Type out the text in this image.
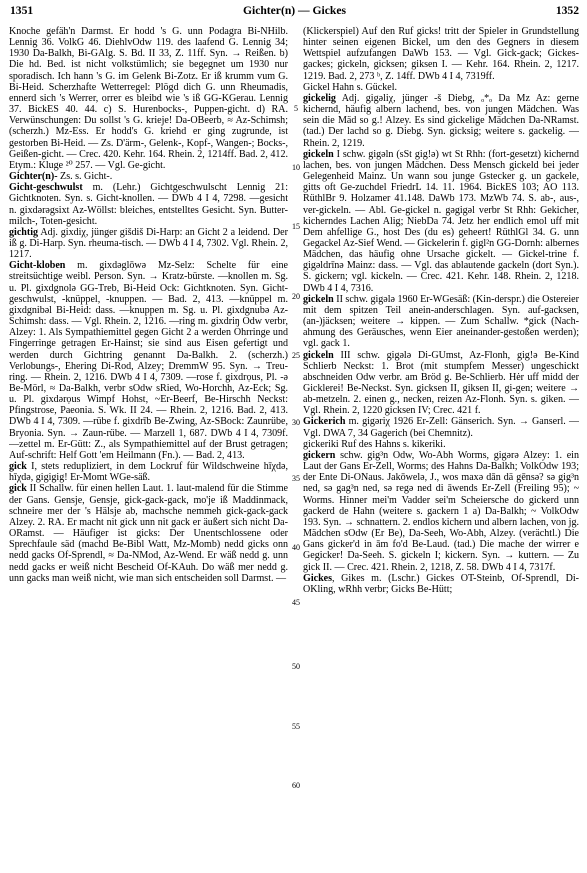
1351	Gichter(n) — Gickes	1352

Knoche gefäh'n Darmst. Er hodd 's G. unn Podagra Bi-NHilb. Lennig 36. VolkG 46. DiehlvOdw 119. des laafend G. Lennig 34; 1930 Da-Balkh, Bi-GAlg. S. Bd. II 33, Z. 11ff. Syn. → Reißen. b) Die hd. Bed. ist nicht volkstümlich; sie begegnet um 1930 nur sporadisch. Ich hann 's G. im Gelenk Bi-Zotz. Er iß krumm vum G. Bi-Heid. Scherzhafte Wetterregel: Plögd dich G. unn Rheumadis, ennerd sich 's Werrer, orrer es bleibd wie 's iß GG-KGerau. Lennig 37. BickES 40. 44. c) S. Hurenbocks-, Puppen-gicht. d) RA. Verwünschungen: Du sollst 's G. krieje! Da-OBeerb, ≈ Az-Schimsh; (scherzh.) Mz-Ess. Er hodd's G. kriehd er ging zugrunde, ist gestorben Bi-Heid. — Zs. D'ärm-, Gelenk-, Kopf-, Wangen-; Bocks-, Geißen-gicht. — Crec. 420. Kehr. 164. Rhein. 2, 1214ff. Bad. 2, 412. Etym.: Kluge ²⁰ 257. — Vgl. Ge-gicht.

Gichter(n)- Zs. s. Gicht-.

Giсht-geschwulst m. (Lehr.) Gichtgeschwulscht Lennig 21: Gichtknoten. Syn. s. Gicht-knollen. — DWb 4 I 4, 7298. —gesicht n. gixdərəgsixt Az-Wöllst: bleiches, entstelltes Gesicht. Syn. Butter-milch-, Toten-gesicht.

gichtig Adj. gixdiχ, jünger gišdiš Di-Harp: an Gicht 2 a leidend. Der iß g. Di-Harp. Syn. rheuma-tisch. — DWb 4 I 4, 7302. Vgl. Rhein. 2, 1217.

Gicht-kloben m. gixdəglōwə Mz-Selz: Schelte für eine streitsüchtige weibl. Person. Syn. → Kratz-bürste. —knollen m. Sg. u. Pl. gixdgnolə GG-Treb, Bi-Heid Ock: Gichtknoten. Syn. Gicht-geschwulst, -knüppel, -knuppen. — Bad. 2, 413. —knüppel m. gixdgnibəl Bi-Heid: dass. —knuppen m. Sg. u. Pl. gixdgnubə Az-Schimsh: dass. — Vgl. Rhein. 2, 1216. —ring m. gixdriŋ Odw verbr, Alzey: 1. Als Sympathiemittel gegen Gicht 2 a werden Ohrringe und Fingerringe getragen Er-Hainst; sie sind aus Eisen gefertigt und werden durch Gichtring genannt Da-Balkh. 2. (scherzh.) Verlobungs-, Ehering Di-Rod, Alzey; DremmW 95. Syn. → Treu-ring. — Rhein. 2, 1216. DWb 4 I 4, 7309. —rose f. gixdrọus, Pl. -ə Be-Mörl, ≈ Da-Balkh, verbr sOdw sRied, Wo-Horchh, Az-Eck; Sg. u. Pl. gixdərọus Wimpf Hohst, ~Er-Beerf, Be-Hirschh Neckst: Pfingstrose, Paeonia. S. Wk. II 24. — Rhein. 2, 1216. Bad. 2, 413. DWb 4 I 4, 7309. —rübe f. gixdrīb Be-Zwing, Az-SBock: Zaunrübe, Bryonia. Syn. → Zaun-rübe. — Marzell 1, 687. DWb 4 I 4, 7309f. —zettel m. Er-Gütt: Z., als Sympathiemittel auf der Brust getragen; Auf-schrift: Helf Gott 'em Heilmann (Fn.). — Bad. 2, 413.

gick I, stets redupliziert, in dem Lockruf für Wildschweine hīχdə, hīχdə, gigigig! Er-Momt WGe-säß.

gick II Schallw. für einen hellen Laut. 1. laut-malend für die Stimme der Gans. Gensje, Gensje, gick-gack-gack, mo'je iß Maddinmack, schneire mer der 's Hälsje ab, machsche nemmeh gick-gack-gack Alzey. 2. RA. Er macht nit gick unn nit gack er äußert sich nicht Da-ORamst. — Häufiger ist gicks: Der Unentschlossene oder Sprechfaule säd (machd Be-Bibl Watt, Mz-Momb) nedd gicks onn nedd gacks Of-Sprendl, ≈ Da-NMod, Az-Wend. Er wäß nedd g. unn nedd gacks er weiß nicht Bescheid Of-KAuh. Do wäß mer nedd g. unn gacks man weiß nicht, wie man sich entscheiden soll Darmst. —

5
10
15
20
25
30
35
40
45
50
55
60

(Klickerspiel) Auf den Ruf gicks! tritt der Spieler in Grundstellung hinter seinen eigenen Bickel, um den des Gegners in diesem Wettspiel aufzufangen DaWb 153. — Vgl. Gick-gack; Gickes-gackes; gickeln, gicksen; giksen I. — Kehr. 164. Rhein. 2, 1217. 1219. Bad. 2, 273 ᵇ, Z. 14ff. DWb 4 I 4, 7319ff.

Gickel Hahn s. Gückel.

gickelig Adj. gigəliχ, jünger -š Diebg, ₒ*ₒ Da Mz Az: gerne kichernd, häufig albern lachend, bes. von jungen Mädchen. Was sein die Mäd so g.! Alzey. Es sind gickelige Mädchen Da-NRamst. (tad.) Der lachd so g. Diebg. Syn. gicksig; weitere s. gackelig. — Rhein. 2, 1219.

gickeln I schw. gigəln (sSt gig!ə) wt St Rhh: (fort-gesetzt) kichernd lachen, bes. von jungen Mädchen. Dess Mensch gickeld bei jeder Gelegenheid Mainz. Un wann sou junge Gstecker g. un gackele, gitts oft Ge-zuchdel FriedrL 14. 11. 1964. BickES 103; AO 113. RüthlBr 9. Holzamer 41.148. DaWb 173. MzWb 74. S. ab-, aus-, ver-gickeln. — Abl. Ge-gickel n. gəgigəl verbr St Rhh: Gekicher, kicherndes Lachen Alig; NiebDa 74. Jetz her endlich emol uff mit Dem ahfellige G., host Des (du es) geheert! RüthlGl 34. G. unn Gegackel Az-Sief Wend. — Gickelerin f. gigl²n GG-Dornh: albernes Mädchen, das häufig ohne Ursache gickelt. — Gickel-trine f. gigəldrīnə Mainz: dass. — Vgl. das ablautende gackeln (dort Syn.). S. gickern; vgl. kickeln. — Crec. 421. Kehr. 148. Rhein. 2, 1218. DWb 4 I 4, 7316.

gickeln II schw. gigələ 1960 Er-WGesäß: (Kin-derspr.) die Ostereier mit dem spitzen Teil anein-anderschlagen. Syn. auf-gacksen, (an-)jäcksen; weitere → kippen. — Zum Schallw. *gick (Nach-ahmung des Geräusches, wenn Eier aneinander-gestoßen werden); vgl. gack 1.

gickeln III schw. gigələ Di-GUmst, Az-Flonh, gig!ə Be-Kind Schlierb Neckst: 1. Brot (mit stumpfem Messer) ungeschickt abschneiden Odw verbr. am Bröd g. Be-Schlierb. Hėr uff midd der Gicklerei! Be-Neckst. Syn. gicksen II, giksen II, gi-gen; weitere → ab-metzeln. 2. einen g., necken, reizen Az-Flonh. Syn. s. giken. — Vgl. Rhein. 2, 1220 gicksen IV; Crec. 421 f.

Gickerich m. gigəriχ 1926 Er-Zell: Gänserich. Syn. → Ganserl. — Vgl. DWA 7, 34 Gagerich (bei Chemnitz).

gickeriki Ruf des Hahns s. kikeriki.

gickern schw. gig³n Odw, Wo-Abh Worms, gigərə Alzey: 1. ein Laut der Gans Er-Zell, Worms; des Hahns Da-Balkh; VolkOdw 193; der Ente Di-ONaus. Jakōwelə, J., wos maxə dān dä gēnsə? sə gig³n ned, sə gag³n ned, sə regə ned di āwends Er-Zell (Freiling 95); ~ Worms. Hinner mei'm Vadder sei'm Scheiersche do gickerd unn gackerd de Hahn (weitere s. gackern 1 a) Da-Balkh; ~ VolkOdw 193. Syn. → schnattern. 2. endlos kichern und albern lachen, von jg. Mädchen sOdw (Er Be), Da-Seeh, Wo-Abh, Alzey. (verächtl.) Die Gans gicker'd in ām fo'd Be-Laud. (tad.) Die mache der wirrer e Gegicker! Da-Seeh. S. gickeln I; kickern. Syn. → kuttern. — Zu gick II. — Crec. 421. Rhein. 2, 1218, Z. 58. DWb 4 I 4, 7317f.

Gickes, Gikes m. (Lschr.) Gickes OT-Steinb, Of-Sprendl, Di-OKling, wRhh verbr; Gicks Be-Hütt;
